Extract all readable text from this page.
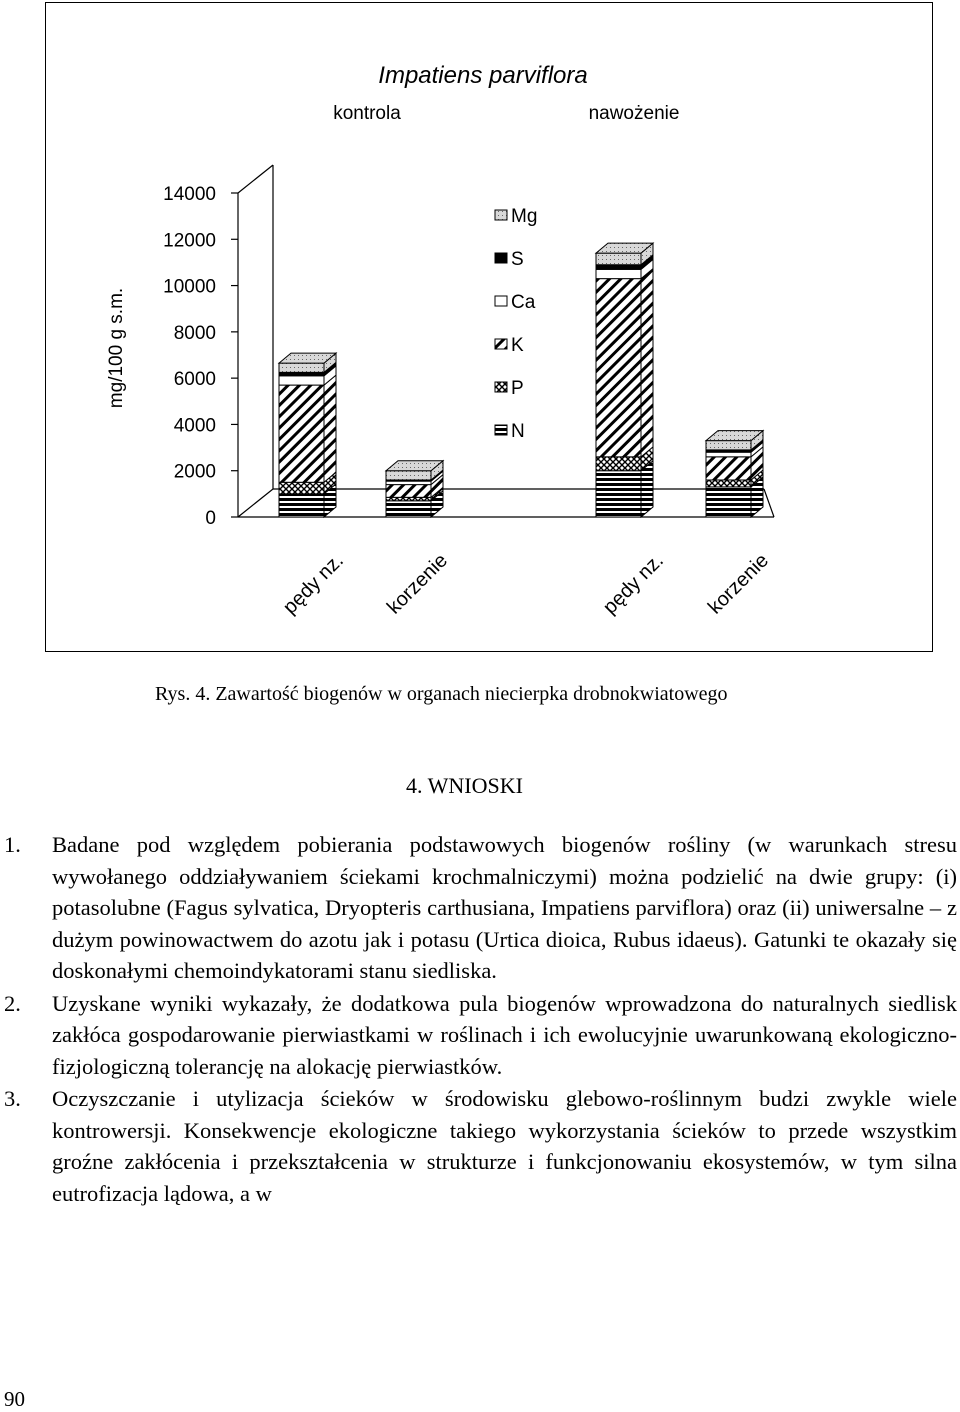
Impatiens parviflora
kontrola	nawożenie
mg/100 g s.m.
0
2000
4000
6000
8000
10000
12000
14000
pędy nz. korzenie	pędy nz. korzenie
Mg
S
Ca
K
P
N
Rys. 4. Zawartość biogenów w organach niecierpka drobnokwiatowego
4. WNIOSKI
1.	Badane pod względem pobierania podstawowych biogenów rośliny (w warunkach stresu wywołanego oddziaływaniem ściekami krochmalniczymi) można podzielić na dwie grupy: (i) potasolubne (Fagus sylvatica, Dryopteris carthusiana, Impatiens parviflora) oraz (ii) uniwersalne – z dużym powinowactwem do azotu jak i potasu (Urtica dioica, Rubus idaeus). Gatunki te okazały się doskonałymi chemoindykatorami stanu siedliska.
2.	Uzyskane wyniki wykazały, że dodatkowa pula biogenów wprowadzona do naturalnych siedlisk zakłóca gospodarowanie pierwiastkami w roślinach i ich ewolucyjnie uwarunkowaną ekologiczno-fizjologiczną tolerancję na alokację pierwiastków.
3.	Oczyszczanie i utylizacja ścieków w środowisku glebowo-roślinnym budzi zwykle wiele kontrowersji. Konsekwencje ekologiczne takiego wykorzystania ścieków to przede wszystkim groźne zakłócenia i przekształcenia w strukturze i funkcjonowaniu ekosystemów, w tym silna eutrofizacja lądowa, a w
90
